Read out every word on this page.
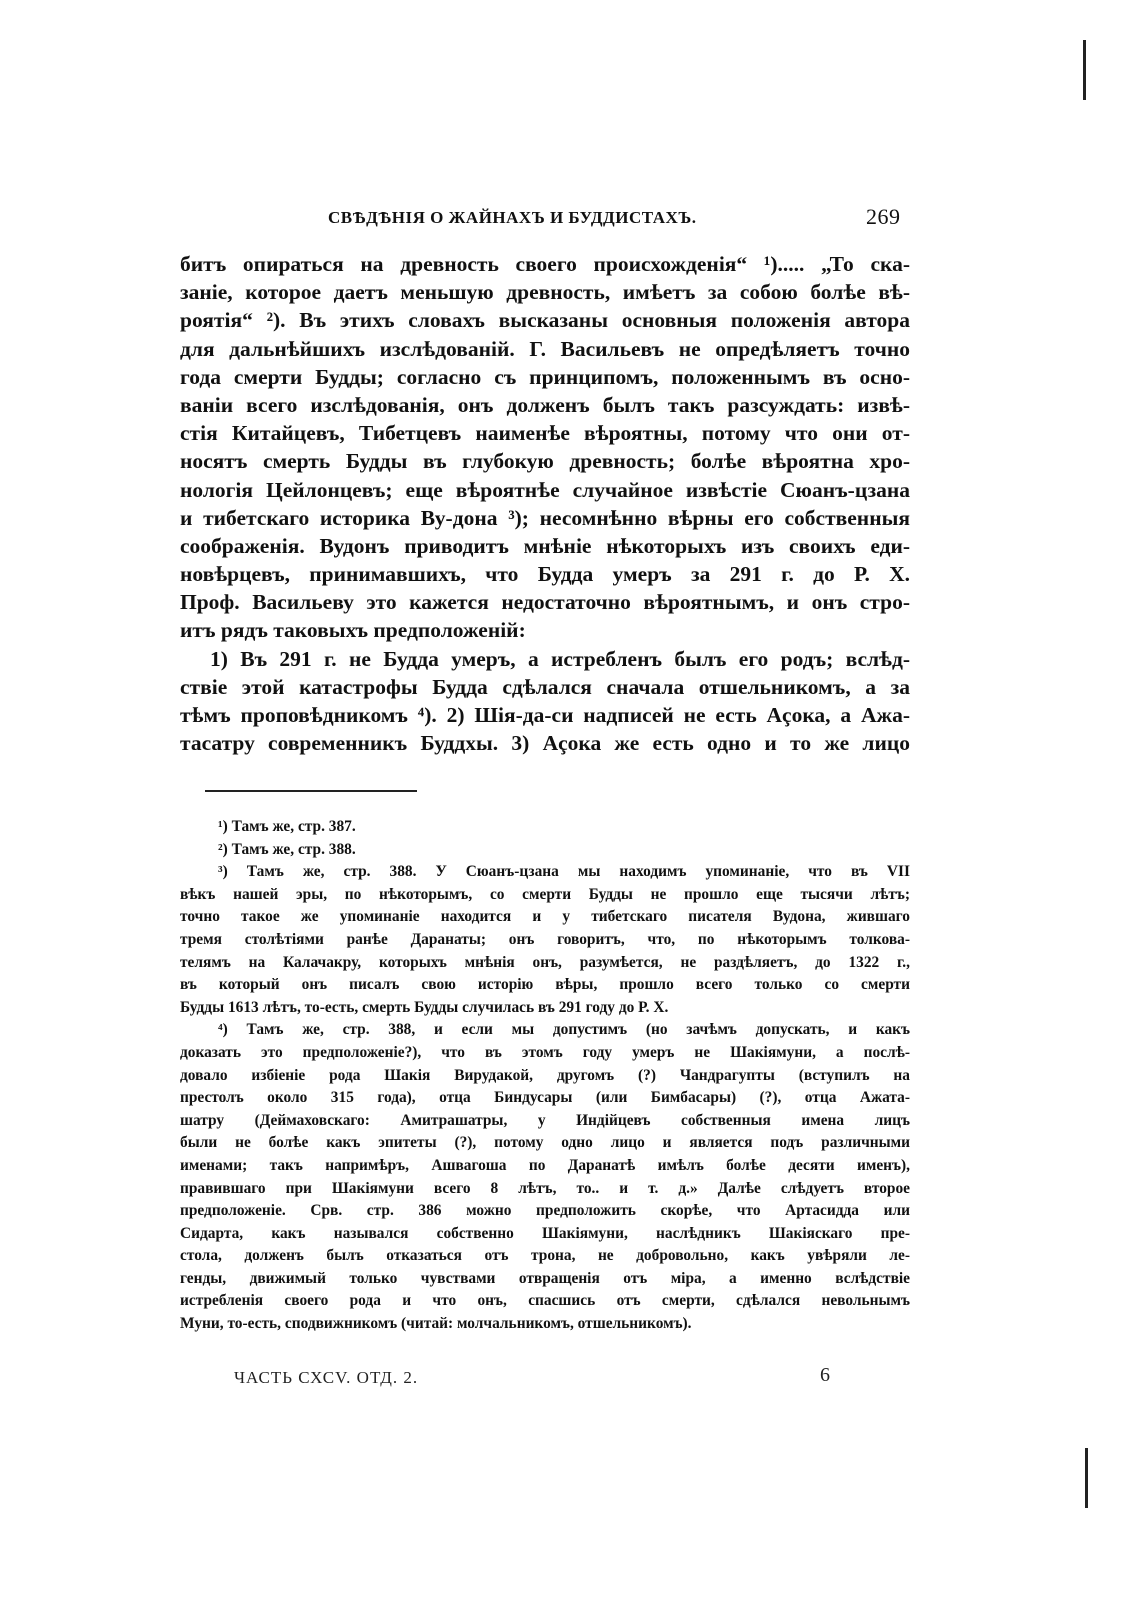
СВѢДѢНIЯ О ЖАЙНАХЪ И БУДДИСТАХЪ.	269
битъ опираться на древность своего происхожденія“ ¹)..... „То ска-
заніе, которое даетъ меньшую древность, имѣетъ за собою болѣе вѣ-
роятія“ ²). Въ этихъ словахъ высказаны основныя положенія автора
для дальнѣйшихъ изслѣдованій. Г. Васильевъ не опредѣляетъ точно
года смерти Будды; согласно съ принципомъ, положеннымъ въ осно-
ваніи всего изслѣдованія, онъ долженъ былъ такъ разсуждать: извѣ-
стія Китайцевъ, Тибетцевъ наименѣе вѣроятны, потому что они от-
носятъ смерть Будды въ глубокую древность; болѣе вѣроятна хро-
нологія Цейлонцевъ; еще вѣроятнѣе случайное извѣстіе Сюанъ-цзана
и тибетскаго историка Ву-дона ³); несомнѣнно вѣрны его собственныя
соображенія. Вудонъ приводитъ мнѣніе нѣкоторыхъ изъ своихъ еди-
новѣрцевъ, принимавшихъ, что Будда умеръ за 291 г. до Р. Х.
Проф. Васильеву это кажется недостаточно вѣроятнымъ, и онъ стро-
итъ рядъ таковыхъ предположеній:
1) Въ 291 г. не Будда умеръ, а истребленъ былъ его родъ; вслѣд-
ствіе этой катастрофы Будда сдѣлался сначала отшельникомъ, а за
тѣмъ проповѣдникомъ ⁴). 2) Шія-да-си надписей не есть Аçока, а Ажа-
тасатру современникъ Буддхы. 3) Аçока же есть одно и то же лицо
¹) Тамъ же, стр. 387.
²) Тамъ же, стр. 388.
³) Тамъ же, стр. 388. У Сюанъ-цзана мы находимъ упоминаніе, что въ VII
вѣкъ нашей эры, по нѣкоторымъ, со смерти Будды не прошло еще тысячи лѣтъ;
точно такое же упоминаніе находится и у тибетскаго писателя Вудона, жившаго
тремя столѣтіями ранѣе Даранаты; онъ говоритъ, что, по нѣкоторымъ толкова-
телямъ на Калачакру, которыхъ мнѣнія онъ, разумѣется, не раздѣляетъ, до 1322 г.,
въ который онъ писалъ свою исторію вѣры, прошло всего только со смерти
Будды 1613 лѣтъ, то-есть, смерть Будды случилась въ 291 году до Р. Х.
⁴) Тамъ же, стр. 388, и если мы допустимъ (но зачѣмъ допускать, и какъ
доказать это предположеніе?), что въ этомъ году умеръ не Шакіямуни, а послѣ-
довало избіеніе рода Шакія Вирудакой, другомъ (?) Чандрагупты (вступилъ на
престолъ около 315 года), отца Биндусары (или Бимбасары) (?), отца Ажата-
шатру (Деймаховскаго: Амитрашатры, у Индійцевъ собственныя имена лицъ
были не болѣе какъ эпитеты (?), потому одно лицо и является подъ различными
именами; такъ напримѣръ, Ашвагоша по Даранатѣ имѣлъ болѣе десяти именъ),
правившаго при Шакіямуни всего 8 лѣтъ, то.. и т. д.» Далѣе слѣдуетъ второе
предположеніе. Срв. стр. 386 можно предположить скорѣе, что Артасидда или
Сидарта, какъ назывался собственно Шакіямуни, наслѣдникъ Шакіяскаго пре-
стола, долженъ былъ отказаться отъ трона, не добровольно, какъ увѣряли ле-
генды, движимый только чувствами отвращенія отъ міра, а именно вслѣдствіе
истребленія своего рода и что онъ, спасшись отъ смерти, сдѣлался невольнымъ
Муни, то-есть, сподвижникомъ (читай: молчальникомъ, отшельникомъ).
ЧАСТЬ СХСV. ОТД. 2.	6
